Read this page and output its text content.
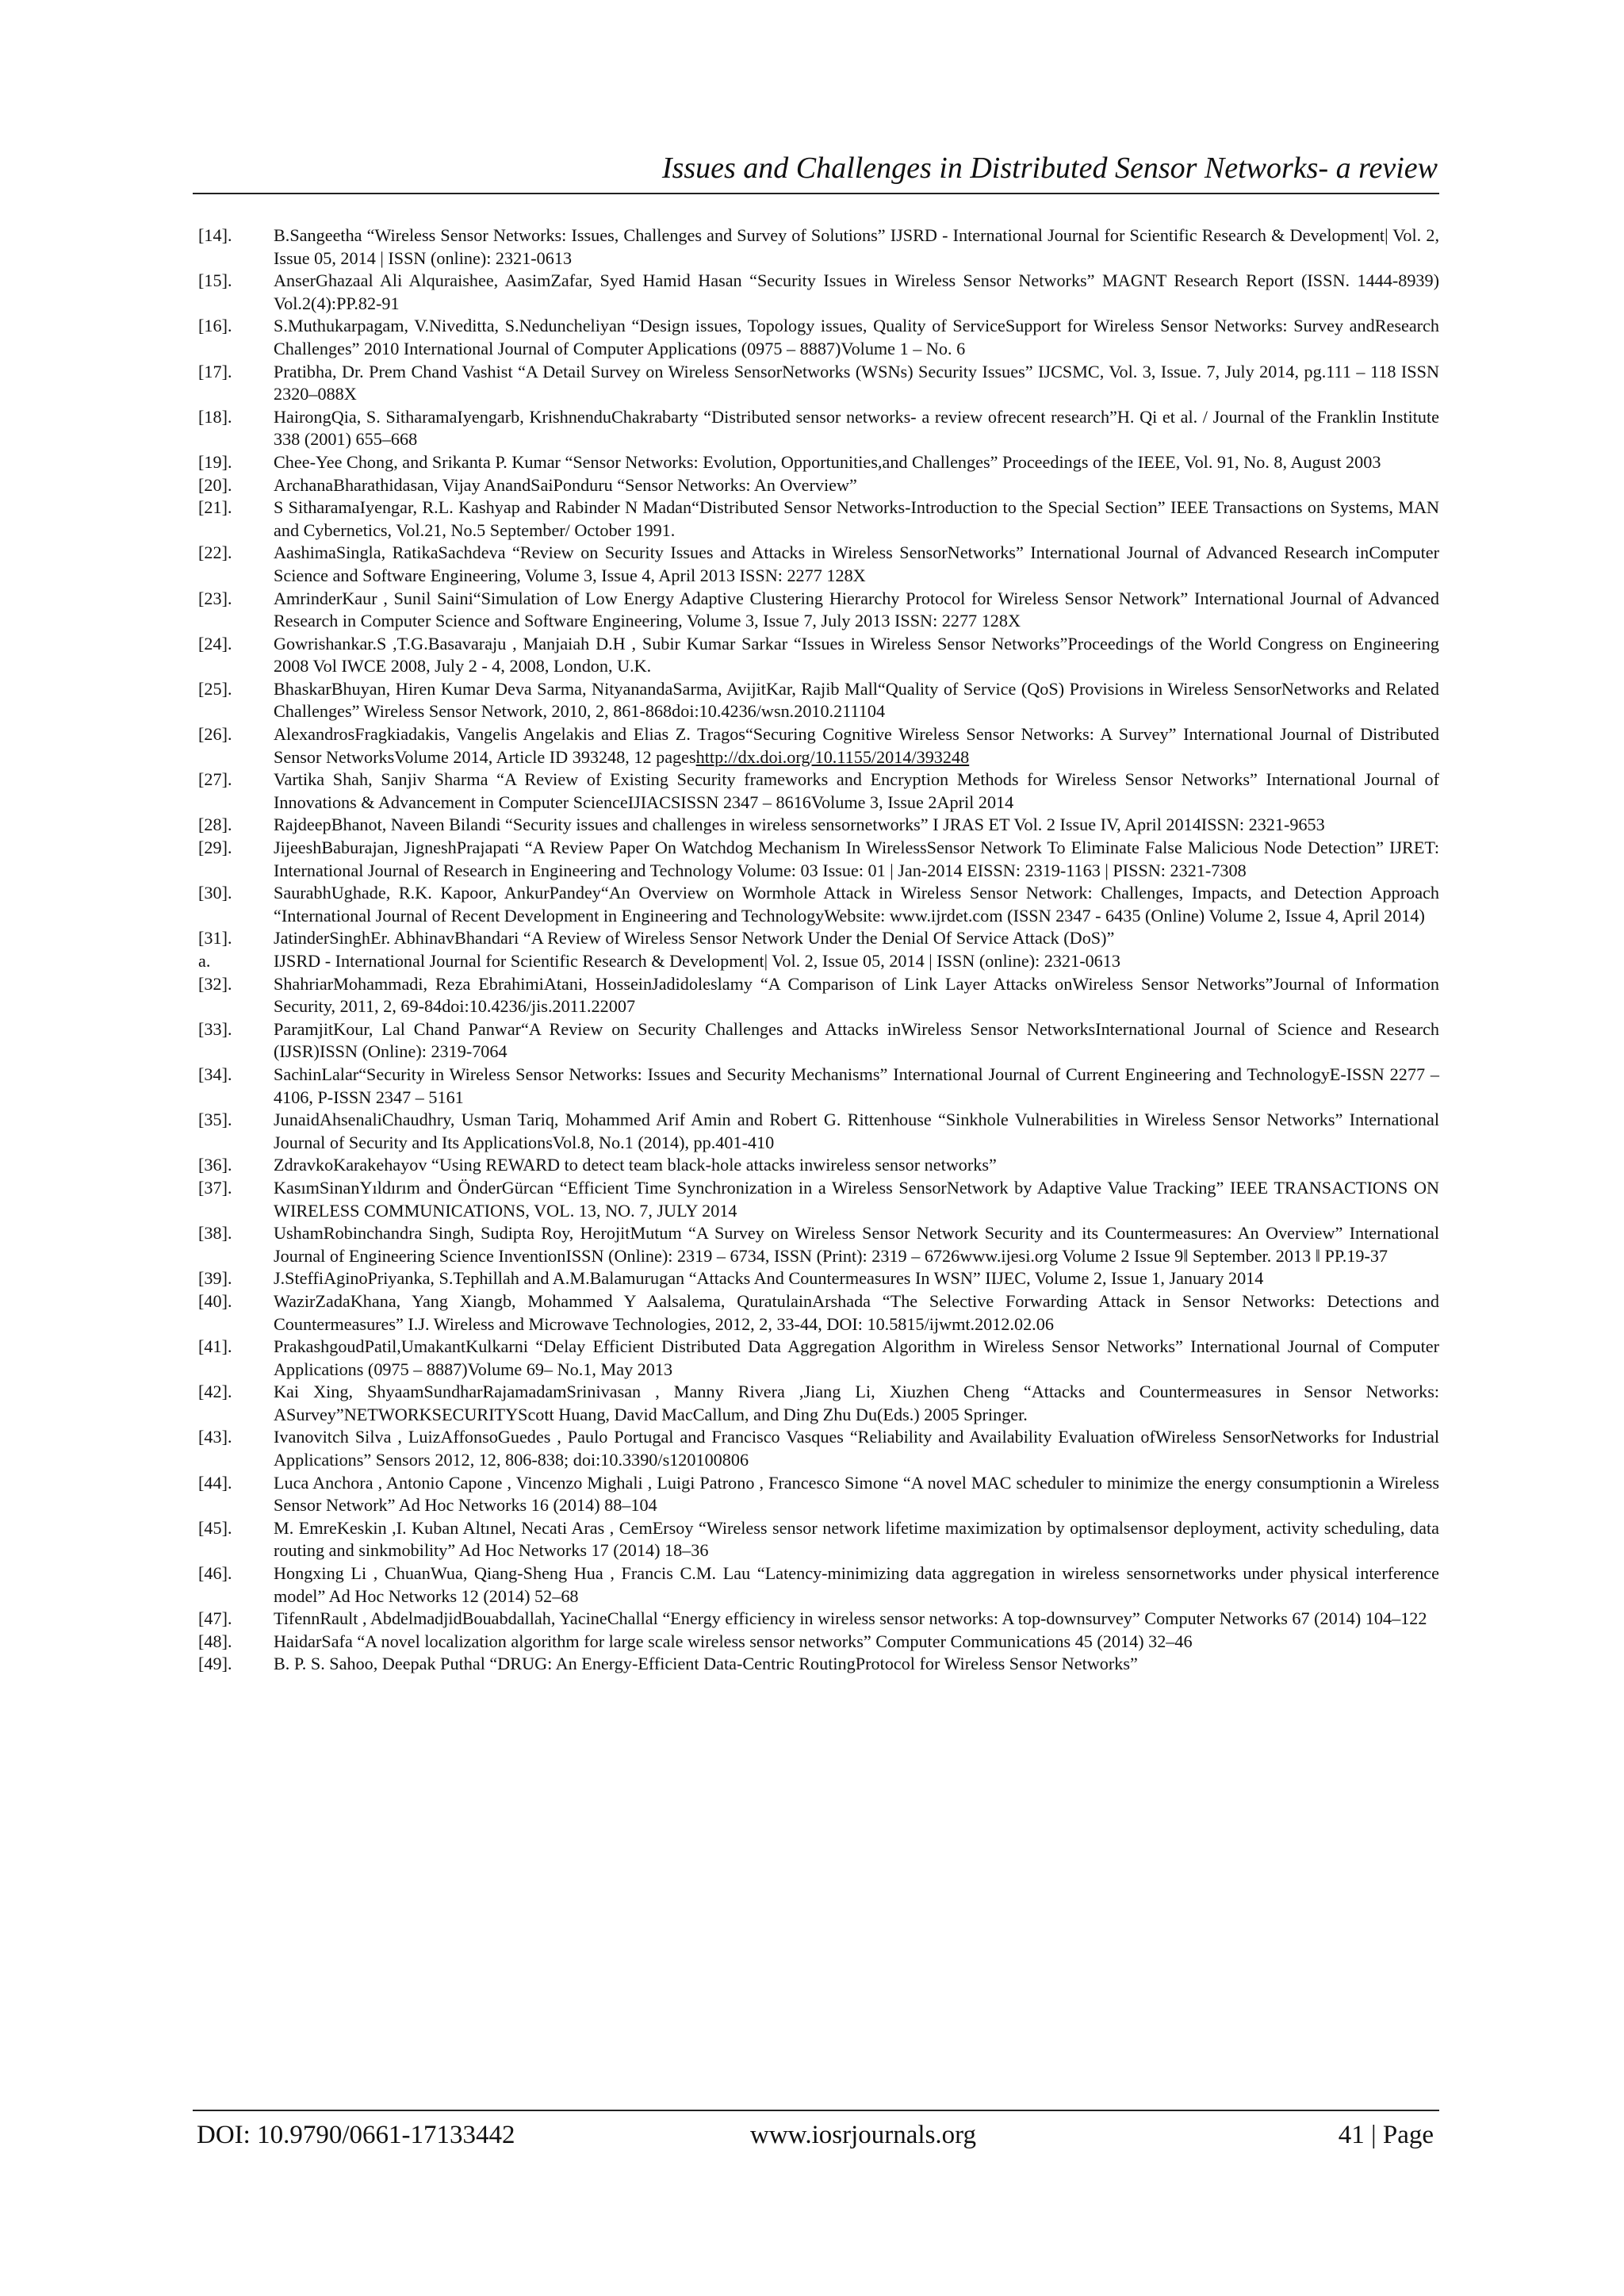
Issues and Challenges in Distributed Sensor Networks- a review
[14].	B.Sangeetha “Wireless Sensor Networks: Issues, Challenges and Survey of Solutions” IJSRD - International Journal for Scientific Research & Development| Vol. 2, Issue 05, 2014 | ISSN (online): 2321-0613
[15].	AnserGhazaal Ali Alquraishee, AasimZafar, Syed Hamid Hasan “Security Issues in Wireless Sensor Networks” MAGNT Research Report (ISSN. 1444-8939) Vol.2(4):PP.82-91
[16].	S.Muthukarpagam, V.Niveditta, S.Neduncheliyan “Design issues, Topology issues, Quality of ServiceSupport for Wireless Sensor Networks: Survey andResearch Challenges” 2010 International Journal of Computer Applications (0975 – 8887)Volume 1 – No. 6
[17].	Pratibha, Dr. Prem Chand Vashist “A Detail Survey on Wireless SensorNetworks (WSNs) Security Issues” IJCSMC, Vol. 3, Issue. 7, July 2014, pg.111 – 118 ISSN 2320–088X
[18].	HairongQia, S. SitharamaIyengarb, KrishnenduChakrabarty “Distributed sensor networks- a review ofrecent research”H. Qi et al. / Journal of the Franklin Institute 338 (2001) 655–668
[19].	Chee-Yee Chong, and Srikanta P. Kumar “Sensor Networks: Evolution, Opportunities,and Challenges” Proceedings of the IEEE, Vol. 91, No. 8, August 2003
[20].	ArchanaBharathidasan, Vijay AnandSaiPonduru “Sensor Networks: An Overview”
[21].	S SitharamaIyengar, R.L. Kashyap and Rabinder N Madan“Distributed Sensor Networks-Introduction to the Special Section” IEEE Transactions on Systems, MAN and Cybernetics, Vol.21, No.5 September/ October 1991.
[22].	AashimaSingla, RatikaSachdeva “Review on Security Issues and Attacks in Wireless SensorNetworks” International Journal of Advanced Research inComputer Science and Software Engineering, Volume 3, Issue 4, April 2013 ISSN: 2277 128X
[23].	AmrinderKaur , Sunil Saini“Simulation of Low Energy Adaptive Clustering Hierarchy Protocol for Wireless Sensor Network” International Journal of Advanced Research in Computer Science and Software Engineering, Volume 3, Issue 7, July 2013 ISSN: 2277 128X
[24].	Gowrishankar.S ,T.G.Basavaraju , Manjaiah D.H , Subir Kumar Sarkar “Issues in Wireless Sensor Networks”Proceedings of the World Congress on Engineering 2008 Vol IWCE 2008, July 2 - 4, 2008, London, U.K.
[25].	BhaskarBhuyan, Hiren Kumar Deva Sarma, NityanandaSarma, AvijitKar, Rajib Mall“Quality of Service (QoS) Provisions in Wireless SensorNetworks and Related Challenges” Wireless Sensor Network, 2010, 2, 861-868doi:10.4236/wsn.2010.211104
[26].	AlexandrosFragkiadakis, Vangelis Angelakis and Elias Z. Tragos“Securing Cognitive Wireless Sensor Networks: A Survey” International Journal of Distributed Sensor NetworksVolume 2014, Article ID 393248, 12 pageshttp://dx.doi.org/10.1155/2014/393248
[27].	Vartika Shah, Sanjiv Sharma “A Review of Existing Security frameworks and Encryption Methods for Wireless Sensor Networks” International Journal of Innovations & Advancement in Computer ScienceIJIACSISSN 2347 – 8616Volume 3, Issue 2April 2014
[28].	RajdeepBhanot, Naveen Bilandi “Security issues and challenges in wireless sensornetworks” I JRAS ET Vol. 2 Issue IV, April 2014ISSN: 2321-9653
[29].	JijeeshBaburajan, JigneshPrajapati “A Review Paper On Watchdog Mechanism In WirelessSensor Network To Eliminate False Malicious Node Detection” IJRET: International Journal of Research in Engineering and Technology Volume: 03 Issue: 01 | Jan-2014 EISSN: 2319-1163 | PISSN: 2321-7308
[30].	SaurabhUghade, R.K. Kapoor, AnkurPandey“An Overview on Wormhole Attack in Wireless Sensor Network: Challenges, Impacts, and Detection Approach “International Journal of Recent Development in Engineering and TechnologyWebsite: www.ijrdet.com (ISSN 2347 - 6435 (Online) Volume 2, Issue 4, April 2014)
[31].	JatinderSinghEr. AbhinavBhandari “A Review of Wireless Sensor Network Under the Denial Of Service Attack (DoS)”
a.	IJSRD - International Journal for Scientific Research & Development| Vol. 2, Issue 05, 2014 | ISSN (online): 2321-0613
[32].	ShahriarMohammadi, Reza EbrahimiAtani, HosseinJadidoleslamy “A Comparison of Link Layer Attacks onWireless Sensor Networks”Journal of Information Security, 2011, 2, 69-84doi:10.4236/jis.2011.22007
[33].	ParamjitKour, Lal Chand Panwar“A Review on Security Challenges and Attacks inWireless Sensor NetworksInternational Journal of Science and Research (IJSR)ISSN (Online): 2319-7064
[34].	SachinLalar“Security in Wireless Sensor Networks: Issues and Security Mechanisms” International Journal of Current Engineering and TechnologyE-ISSN 2277 – 4106, P-ISSN 2347 – 5161
[35].	JunaidAhsenaliChaudhry, Usman Tariq, Mohammed Arif Amin and Robert G. Rittenhouse “Sinkhole Vulnerabilities in Wireless Sensor Networks” International Journal of Security and Its ApplicationsVol.8, No.1 (2014), pp.401-410
[36].	ZdravkoKarakehayov “Using REWARD to detect team black-hole attacks inwireless sensor networks”
[37].	KasımSinanYıldırım and ÖnderGürcan “Efficient Time Synchronization in a Wireless SensorNetwork by Adaptive Value Tracking” IEEE TRANSACTIONS ON WIRELESS COMMUNICATIONS, VOL. 13, NO. 7, JULY 2014
[38].	UshamRobinchandra Singh, Sudipta Roy, HerojitMutum “A Survey on Wireless Sensor Network Security and its Countermeasures: An Overview” International Journal of Engineering Science InventionISSN (Online): 2319 – 6734, ISSN (Print): 2319 – 6726www.ijesi.org Volume 2 Issue 9‖ September. 2013 ‖ PP.19-37
[39].	J.SteffiAginoPriyanka, S.Tephillah and A.M.Balamurugan “Attacks And Countermeasures In WSN” IIJEC, Volume 2, Issue 1, January 2014
[40].	WazirZadaKhana, Yang Xiangb, Mohammed Y Aalsalema, QuratulainArshada “The Selective Forwarding Attack in Sensor Networks: Detections and Countermeasures” I.J. Wireless and Microwave Technologies, 2012, 2, 33-44, DOI: 10.5815/ijwmt.2012.02.06
[41].	PrakashgoudPatil,UmakantKulkarni “Delay Efficient Distributed Data Aggregation Algorithm in Wireless Sensor Networks” International Journal of Computer Applications (0975 – 8887)Volume 69– No.1, May 2013
[42].	Kai Xing, ShyaamSundharRajamadamSrinivasan , Manny Rivera ,Jiang Li, Xiuzhen Cheng “Attacks and Countermeasures in Sensor Networks: ASurvey”NETWORKSECURITYScott Huang, David MacCallum, and Ding Zhu Du(Eds.) 2005 Springer.
[43].	Ivanovitch Silva , LuizAffonsoGuedes , Paulo Portugal and Francisco Vasques “Reliability and Availability Evaluation ofWireless SensorNetworks for Industrial Applications” Sensors 2012, 12, 806-838; doi:10.3390/s120100806
[44].	Luca Anchora , Antonio Capone , Vincenzo Mighali , Luigi Patrono , Francesco Simone “A novel MAC scheduler to minimize the energy consumptionin a Wireless Sensor Network” Ad Hoc Networks 16 (2014) 88–104
[45].	M. EmreKeskin ,I. Kuban Altınel, Necati Aras , CemErsoy “Wireless sensor network lifetime maximization by optimalsensor deployment, activity scheduling, data routing and sinkmobility” Ad Hoc Networks 17 (2014) 18–36
[46].	Hongxing Li , ChuanWua, Qiang-Sheng Hua , Francis C.M. Lau “Latency-minimizing data aggregation in wireless sensornetworks under physical interference model” Ad Hoc Networks 12 (2014) 52–68
[47].	TifennRault , AbdelmadjidBouabdallah, YacineChallal “Energy efficiency in wireless sensor networks: A top-downsurvey” Computer Networks 67 (2014) 104–122
[48].	HaidarSafa “A novel localization algorithm for large scale wireless sensor networks” Computer Communications 45 (2014) 32–46
[49].	B. P. S. Sahoo, Deepak Puthal “DRUG: An Energy-Efficient Data-Centric RoutingProtocol for Wireless Sensor Networks”
DOI: 10.9790/0661-17133442	www.iosrjournals.org	41 | Page
